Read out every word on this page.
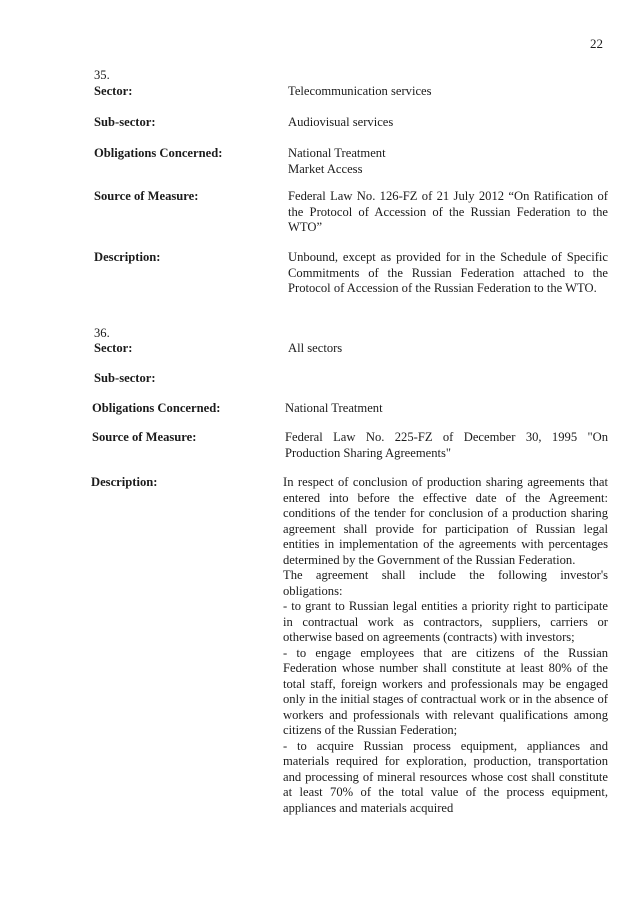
22
35.
Sector:	Telecommunication services
Sub-sector:	Audiovisual services
Obligations Concerned:	National Treatment
Market Access
Source of Measure:	Federal Law No. 126-FZ of 21 July 2012 “On Ratification of the Protocol of Accession of the Russian Federation to the WTO”
Description:	Unbound, except as provided for in the Schedule of Specific Commitments of the Russian Federation attached to the Protocol of Accession of the Russian Federation to the WTO.
36.
Sector:	All sectors
Sub-sector:
Obligations Concerned:	National Treatment
Source of Measure:	Federal Law No. 225-FZ of December 30, 1995 "On Production Sharing Agreements"
Description:	In respect of conclusion of production sharing agreements that entered into before the effective date of the Agreement: conditions of the tender for conclusion of a production sharing agreement shall provide for participation of Russian legal entities in implementation of the agreements with percentages determined by the Government of the Russian Federation.

The agreement shall include the following investor's obligations:

- to grant to Russian legal entities a priority right to participate in contractual work as contractors, suppliers, carriers or otherwise based on agreements (contracts) with investors;

- to engage employees that are citizens of the Russian Federation whose number shall constitute at least 80% of the total staff, foreign workers and professionals may be engaged only in the initial stages of contractual work or in the absence of workers and professionals with relevant qualifications among citizens of the Russian Federation;

- to acquire Russian process equipment, appliances and materials required for exploration, production, transportation and processing of mineral resources whose cost shall constitute at least 70% of the total value of the process equipment, appliances and materials acquired
